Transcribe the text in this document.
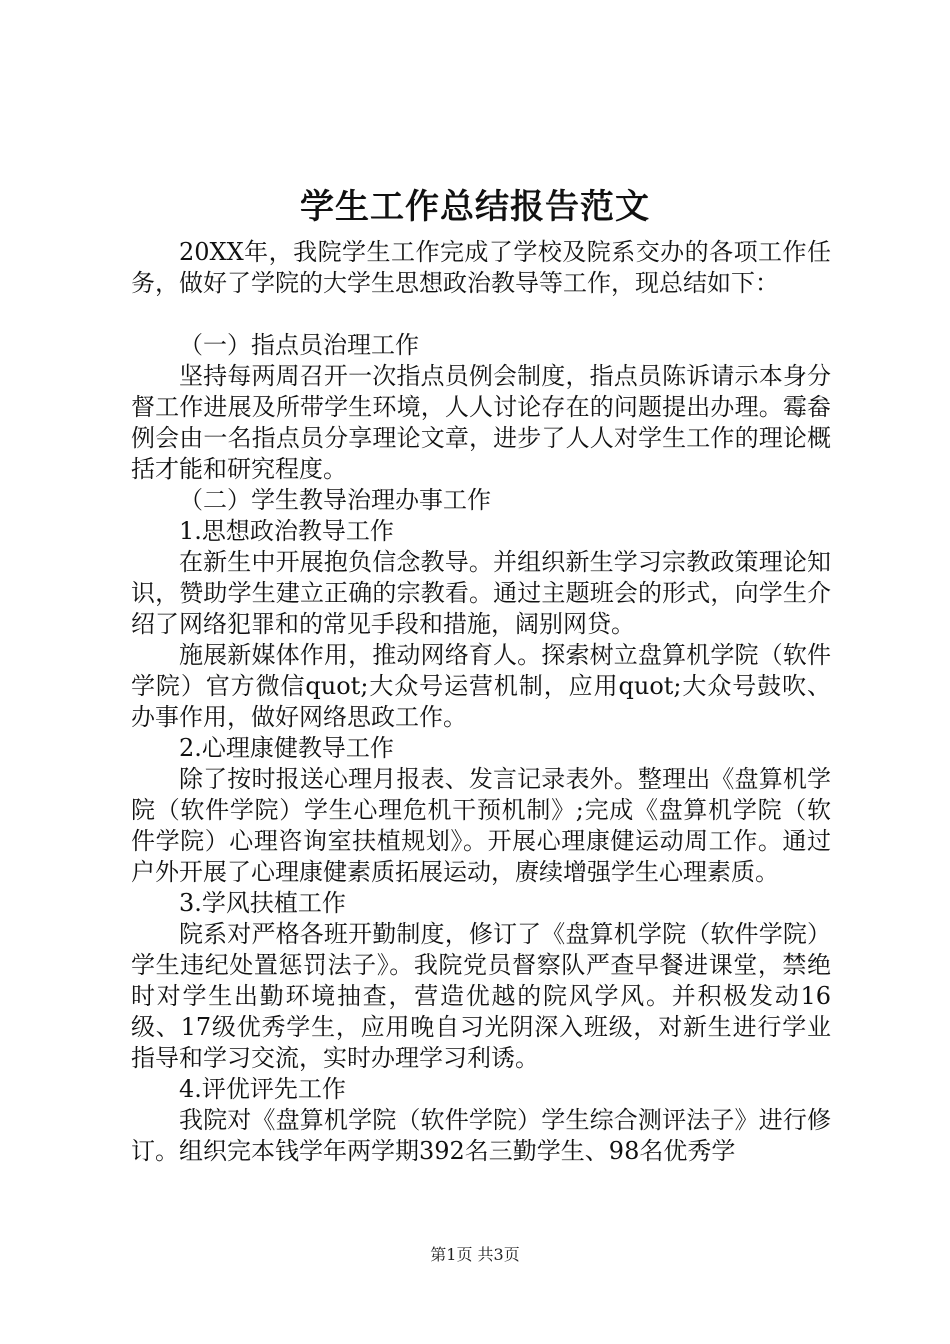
学生工作总结报告范文

20XX年，我院学生工作完成了学校及院系交办的各项工作任务，做好了学院的大学生思想政治教导等工作，现总结如下：

（一）指点员治理工作

坚持每两周召开一次指点员例会制度，指点员陈诉请示本身分督工作进展及所带学生环境，人人讨论存在的问题提出办理。霉畚例会由一名指点员分享理论文章，进步了人人对学生工作的理论概括才能和研究程度。

（二）学生教导治理办事工作

1.思想政治教导工作

在新生中开展抱负信念教导。并组织新生学习宗教政策理论知识，赞助学生建立正确的宗教看。通过主题班会的形式，向学生介绍了网络犯罪和的常见手段和措施，阔别网贷。

施展新媒体作用，推动网络育人。探索树立盘算机学院（软件学院）官方微信quot;大众号运营机制，应用quot;大众号鼓吹、办事作用，做好网络思政工作。

2.心理康健教导工作

除了按时报送心理月报表、发言记录表外。整理出《盘算机学院（软件学院）学生心理危机干预机制》;完成《盘算机学院（软件学院）心理咨询室扶植规划》。开展心理康健运动周工作。通过户外开展了心理康健素质拓展运动，赓续增强学生心理素质。

3.学风扶植工作

院系对严格各班开勤制度，修订了《盘算机学院（软件学院）学生违纪处置惩罚法子》。我院党员督察队严查早餐进课堂，禁绝时对学生出勤环境抽查，营造优越的院风学风。并积极发动16级、17级优秀学生，应用晚自习光阴深入班级，对新生进行学业指导和学习交流，实时办理学习利诱。

4.评优评先工作

我院对《盘算机学院（软件学院）学生综合测评法子》进行修订。组织完本钱学年两学期392名三勤学生、98名优秀学

第1页 共3页
